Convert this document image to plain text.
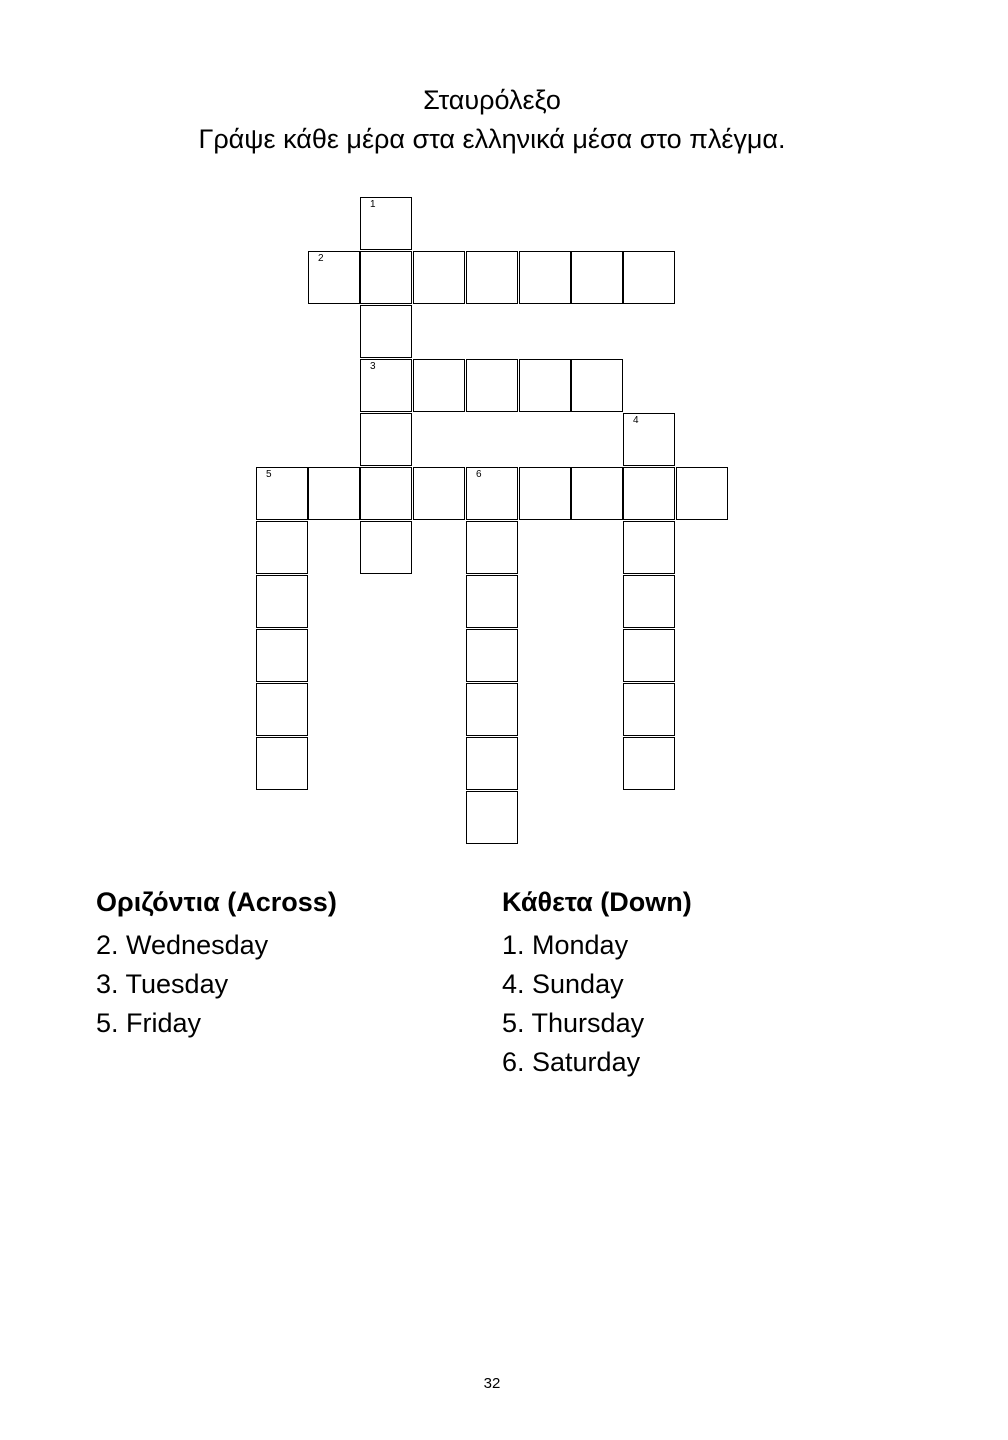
Σταυρόλεξο
Γράψε κάθε μέρα στα ελληνικά μέσα στο πλέγμα.
1
2
3
4
5	6
Οριζόντια (Across)
2. Wednesday
3. Tuesday
5. Friday
Κάθετα (Down)
1. Monday
4. Sunday
5. Thursday
6. Saturday
32
